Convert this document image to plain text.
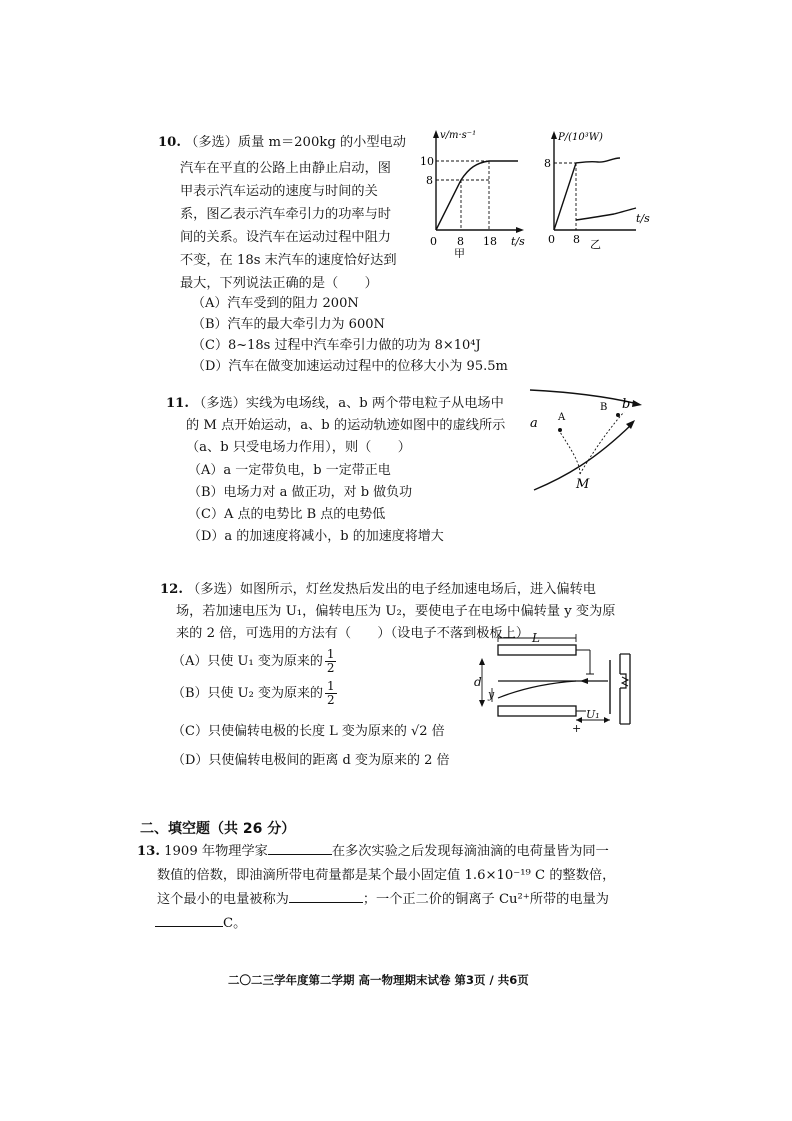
10. （多选）质量 m＝200kg 的小型电动
汽车在平直的公路上由静止启动，图
甲表示汽车运动的速度与时间的关
系，图乙表示汽车牵引力的功率与时
间的关系。设汽车在运动过程中阻力
不变，在 18s 末汽车的速度恰好达到
最大，下列说法正确的是（　　）
（A）汽车受到的阻力 200N
（B）汽车的最大牵引力为 600N
（C）8~18s 过程中汽车牵引力做的功为 8×10⁴J
（D）汽车在做变加速运动过程中的位移大小为 95.5m
v/m·s⁻¹
10
8
0 8 18 t/s
甲
P/(10³W)
8
0 8
t/s
乙
11. （多选）实线为电场线，a、b 两个带电粒子从电场中
的 M 点开始运动，a、b 的运动轨迹如图中的虚线所示
（a、b 只受电场力作用），则（　　）
（A）a 一定带负电，b 一定带正电
（B）电场力对 a 做正功，对 b 做负功
（C）A 点的电势比 B 点的电势低
（D）a 的加速度将减小，b 的加速度将增大
a A
B b
M
12. （多选）如图所示，灯丝发热后发出的电子经加速电场后，进入偏转电
场，若加速电压为 U₁，偏转电压为 U₂，要使电子在电场中偏转量 y 变为原
来的 2 倍，可选用的方法有（　　）（设电子不落到极板上）
（A）只使 U₁ 变为原来的 $\frac{1}{2}$
（B）只使 U₂ 变为原来的 $\frac{1}{2}$
（C）只使偏转电极的长度 L 变为原来的 √2 倍
（D）只使偏转电极间的距离 d 变为原来的 2 倍
L
+
d
y
U₁
二、填空题（共 26 分）
13. 1909 年物理学家	在多次实验之后发现每滴油滴的电荷量皆为同一
数值的倍数，即油滴所带电荷量都是某个最小固定值 1.6×10⁻¹⁹ C 的整数倍，
这个最小的电量被称为	；一个正二价的铜离子 Cu²⁺所带的电量为
C。
二〇二三学年度第二学期 高一物理期末试卷 第3页 / 共6页
